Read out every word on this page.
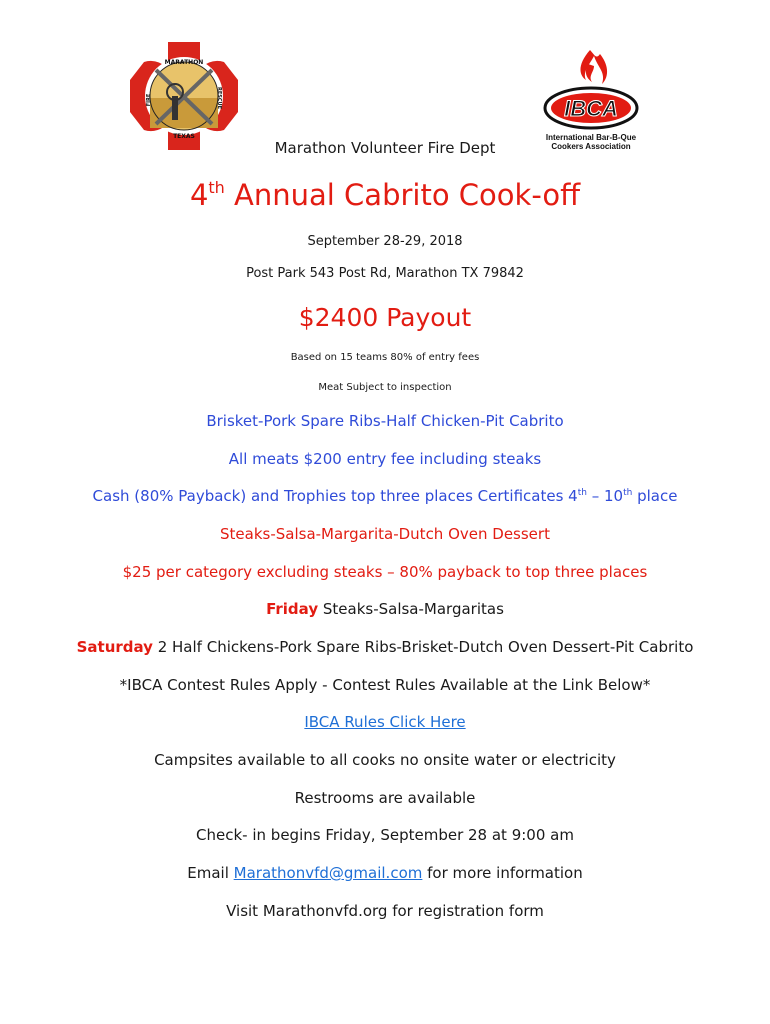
MARATHON
TEXAS
FIRE	RESCUE	IBCA
International Bar-B-Que
Cookers Association
Marathon Volunteer Fire Dept
4th Annual Cabrito Cook-off
September 28-29, 2018
Post Park 543 Post Rd, Marathon TX 79842
$2400 Payout
Based on 15 teams 80% of entry fees
Meat Subject to inspection
Brisket-Pork Spare Ribs-Half Chicken-Pit Cabrito
All meats $200 entry fee including steaks
Cash (80% Payback) and Trophies top three places Certificates 4th – 10th place
Steaks-Salsa-Margarita-Dutch Oven Dessert
$25 per category excluding steaks – 80% payback to top three places
Friday Steaks-Salsa-Margaritas
Saturday 2 Half Chickens-Pork Spare Ribs-Brisket-Dutch Oven Dessert-Pit Cabrito
*IBCA Contest Rules Apply - Contest Rules Available at the Link Below*
IBCA Rules Click Here
Campsites available to all cooks no onsite water or electricity
Restrooms are available
Check- in begins Friday, September 28 at 9:00 am
Email Marathonvfd@gmail.com for more information
Visit Marathonvfd.org for registration form
